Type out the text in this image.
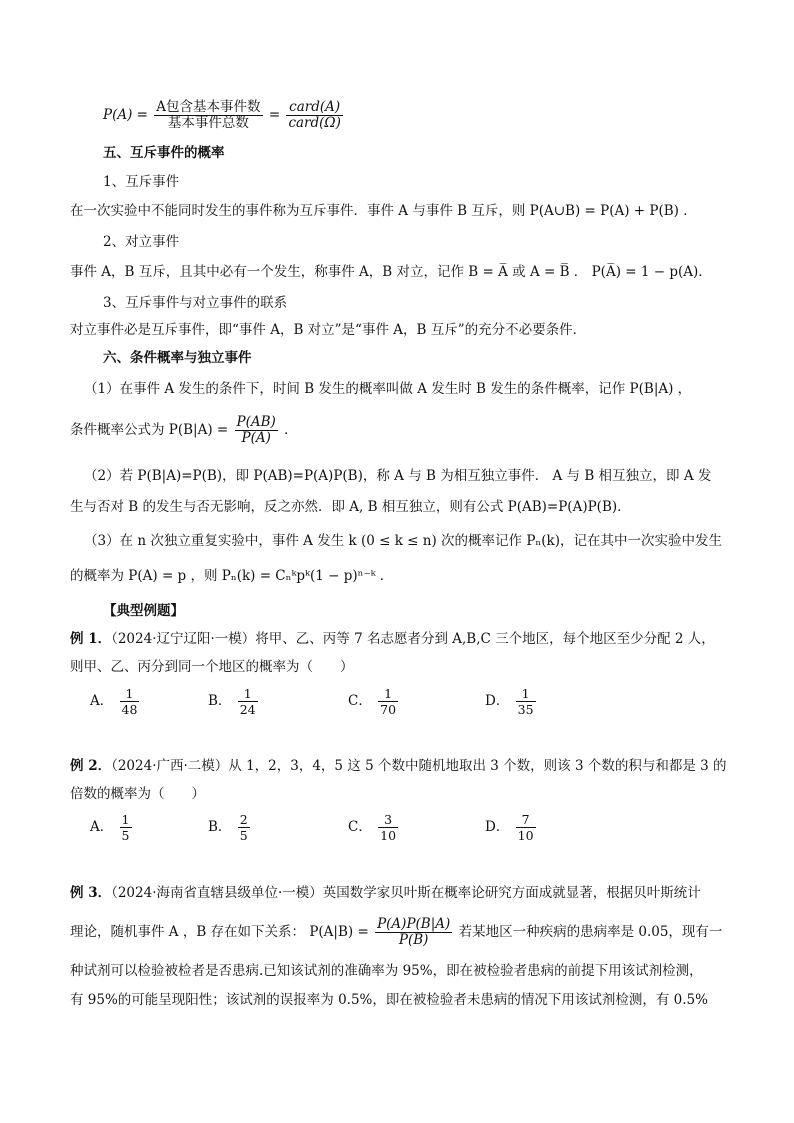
$P(A) = \frac{\text{A包含基本事件数}}{\text{基本事件总数}} = \frac{\text{card(A)}}{\text{card(Ω)}}$
五、互斥事件的概率
1、互斥事件
在一次实验中不能同时发生的事件称为互斥事件．事件 A 与事件 B 互斥，则 P(A∪B) = P(A) + P(B) ．
2、对立事件
事件 A，B 互斥，且其中必有一个发生，称事件 A，B 对立，记作 B = A̅ 或 A = B̅ ． P(A̅) = 1 − p(A)．
3、互斥事件与对立事件的联系
对立事件必是互斥事件，即“事件 A，B 对立”是“事件 A，B 互斥”的充分不必要条件．
六、条件概率与独立事件
（1）在事件 A 发生的条件下，时间 B 发生的概率叫做 A 发生时 B 发生的条件概率，记作 P(B|A) ，
条件概率公式为 $P(B|A) = \frac{P(AB)}{P(A)}$ ．
（2）若 P(B|A)=P(B)，即 P(AB)=P(A)P(B)，称 A 与 B 为相互独立事件． A 与 B 相互独立，即 A 发
生与否对 B 的发生与否无影响，反之亦然．即 A, B 相互独立，则有公式 P(AB)=P(A)P(B)．
（3）在 n 次独立重复实验中，事件 A 发生 k (0 ≤ k ≤ n) 次的概率记作 Pₙ(k)，记在其中一次实验中发生
的概率为 P(A) = p ，则 Pₙ(k) = Cₙᵏpᵏ(1 − p)ⁿ⁻ᵏ ．
【典型例题】
例 1．（2024·辽宁辽阳·一模）将甲、乙、丙等 7 名志愿者分到 A,B,C 三个地区，每个地区至少分配 2 人，
则甲、乙、丙分到同一个地区的概率为（　　）
A． $\frac{1}{48}$	B． $\frac{1}{24}$	C． $\frac{1}{70}$	D． $\frac{1}{35}$
例 2．（2024·广西·二模）从 1，2，3，4，5 这 5 个数中随机地取出 3 个数，则该 3 个数的积与和都是 3 的
倍数的概率为（　　）
A． $\frac{1}{5}$	B． $\frac{2}{5}$	C． $\frac{3}{10}$	D． $\frac{7}{10}$
例 3．（2024·海南省直辖县级单位·一模）英国数学家贝叶斯在概率论研究方面成就显著，根据贝叶斯统计
理论，随机事件 A ，B 存在如下关系： $P(A|B) = \frac{P(A)P(B|A)}{P(B)}$ 若某地区一种疾病的患病率是 0.05，现有一
种试剂可以检验被检者是否患病.已知该试剂的准确率为 95%，即在被检验者患病的前提下用该试剂检测，
有 95%的可能呈现阳性；该试剂的误报率为 0.5%，即在被检验者未患病的情况下用该试剂检测，有 0.5%
